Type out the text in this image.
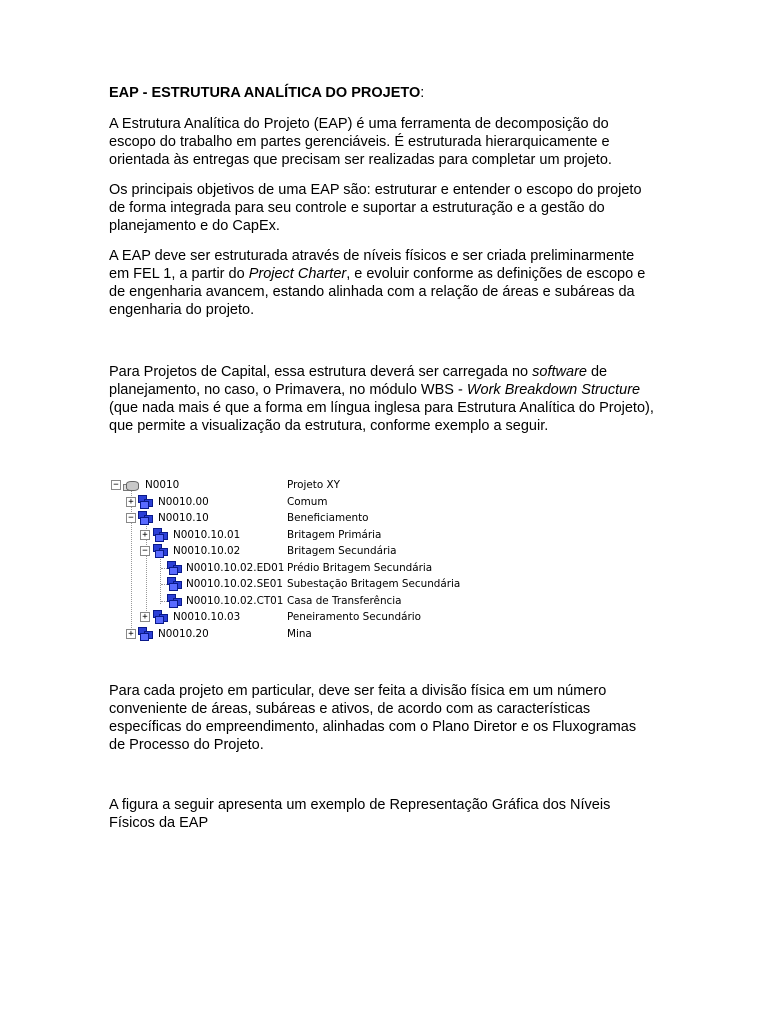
EAP - ESTRUTURA ANALÍTICA DO PROJETO:

A Estrutura Analítica do Projeto (EAP) é uma ferramenta de decomposição do escopo do trabalho em partes gerenciáveis. É estruturada hierarquicamente e orientada às entregas que precisam ser realizadas para completar um projeto.

Os principais objetivos de uma EAP são: estruturar e entender o escopo do projeto de forma integrada para seu controle e suportar a estruturação e a gestão do planejamento e do CapEx.

A EAP deve ser estruturada através de níveis físicos e ser criada preliminarmente em FEL 1, a partir do Project Charter, e evoluir conforme as definições de escopo e de engenharia avancem, estando alinhada com a relação de áreas e subáreas da engenharia do projeto.

Para Projetos de Capital, essa estrutura deverá ser carregada no software de planejamento, no caso, o Primavera, no módulo WBS - Work Breakdown Structure (que nada mais é que a forma em língua inglesa para Estrutura Analítica do Projeto), que permite a visualização da estrutura, conforme exemplo a seguir.

−	N0010	Projeto XY
+ N0010.00	Comum
− N0010.10	Beneficiamento
+ N0010.10.01	Britagem Primária
− N0010.10.02	Britagem Secundária
N0010.10.02.ED01 Prédio Britagem Secundária
N0010.10.02.SE01 Subestação Britagem Secundária
N0010.10.02.CT01 Casa de Transferência
+ N0010.10.03	Peneiramento Secundário
+ N0010.20	Mina

Para cada projeto em particular, deve ser feita a divisão física em um número conveniente de áreas, subáreas e ativos, de acordo com as características específicas do empreendimento, alinhadas com o Plano Diretor e os Fluxogramas de Processo do Projeto.

A figura a seguir apresenta um exemplo de Representação Gráfica dos Níveis Físicos da EAP
